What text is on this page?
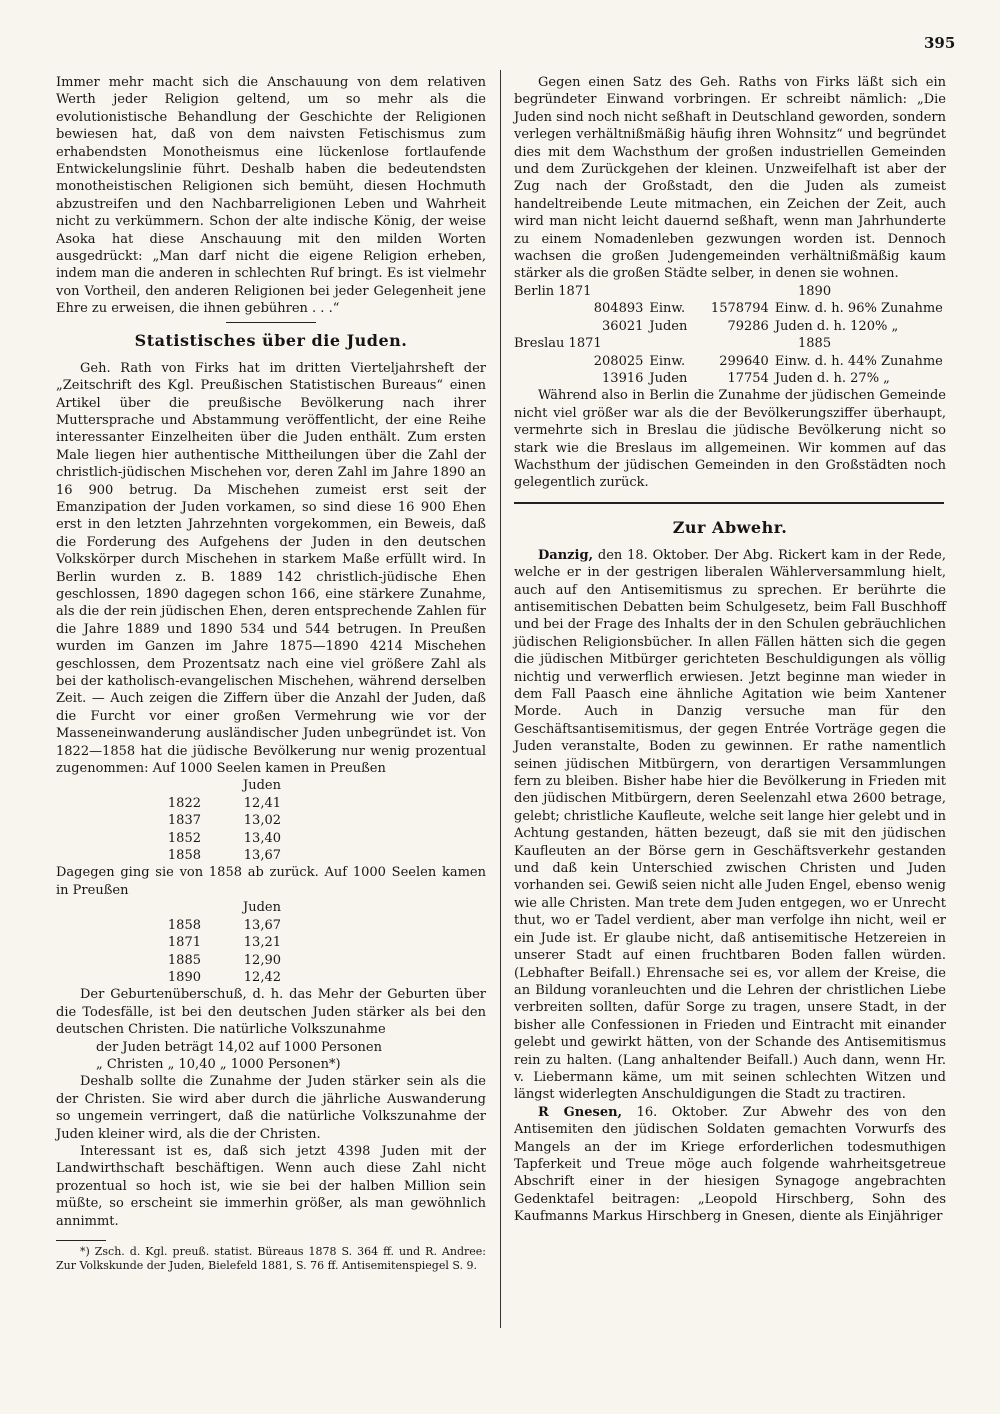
395

Immer mehr macht sich die Anschauung von dem relativen Werth jeder Religion geltend, um so mehr als die evolutionistische Behandlung der Geschichte der Religionen bewiesen hat, daß von dem naivsten Fetischismus zum erhabendsten Monotheismus eine lückenlose fortlaufende Entwickelungslinie führt. Deshalb haben die bedeutendsten monotheistischen Religionen sich bemüht, diesen Hochmuth abzustreifen und den Nachbarreligionen Leben und Wahrheit nicht zu verkümmern. Schon der alte indische König, der weise Asoka hat diese Anschauung mit den milden Worten ausgedrückt: „Man darf nicht die eigene Religion erheben, indem man die anderen in schlechten Ruf bringt. Es ist vielmehr von Vortheil, den anderen Religionen bei jeder Gelegenheit jene Ehre zu erweisen, die ihnen gebühren . . .“

Statistisches über die Juden.

Geh. Rath von Firks hat im dritten Vierteljahrsheft der „Zeitschrift des Kgl. Preußischen Statistischen Bureaus“ einen Artikel über die preußische Bevölkerung nach ihrer Muttersprache und Abstammung veröffentlicht, der eine Reihe interessanter Einzelheiten über die Juden enthält. Zum ersten Male liegen hier authentische Mittheilungen über die Zahl der christlich-jüdischen Mischehen vor, deren Zahl im Jahre 1890 an 16 900 betrug. Da Mischehen zumeist erst seit der Emanzipation der Juden vorkamen, so sind diese 16 900 Ehen erst in den letzten Jahrzehnten vorgekommen, ein Beweis, daß die Forderung des Aufgehens der Juden in den deutschen Volkskörper durch Mischehen in starkem Maße erfüllt wird. In Berlin wurden z. B. 1889 142 christlich-jüdische Ehen geschlossen, 1890 dagegen schon 166, eine stärkere Zunahme, als die der rein jüdischen Ehen, deren entsprechende Zahlen für die Jahre 1889 und 1890 534 und 544 betrugen. In Preußen wurden im Ganzen im Jahre 1875—1890 4214 Mischehen geschlossen, dem Prozentsatz nach eine viel größere Zahl als bei der katholisch-evangelischen Mischehen, während derselben Zeit. — Auch zeigen die Ziffern über die Anzahl der Juden, daß die Furcht vor einer großen Vermehrung wie vor der Masseneinwanderung ausländischer Juden unbegründet ist. Von 1822—1858 hat die jüdische Bevölkerung nur wenig prozentual zugenommen: Auf 1000 Seelen kamen in Preußen

Juden
1822	12,41
1837	13,02
1852	13,40
1858	13,67

Dagegen ging sie von 1858 ab zurück. Auf 1000 Seelen kamen in Preußen

Juden
1858	13,67
1871	13,21
1885	12,90
1890	12,42

Der Geburtenüberschuß, d. h. das Mehr der Geburten über die Todesfälle, ist bei den deutschen Juden stärker als bei den deutschen Christen. Die natürliche Volkszunahme

der Juden beträgt 14,02 auf 1000 Personen
„ Christen „ 10,40 „ 1000 Personen*)

Deshalb sollte die Zunahme der Juden stärker sein als die der Christen. Sie wird aber durch die jährliche Auswanderung so ungemein verringert, daß die natürliche Volkszunahme der Juden kleiner wird, als die der Christen.

Interessant ist es, daß sich jetzt 4398 Juden mit der Landwirthschaft beschäftigen. Wenn auch diese Zahl nicht prozentual so hoch ist, wie sie bei der halben Million sein müßte, so erscheint sie immerhin größer, als man gewöhnlich annimmt.

*) Zsch. d. Kgl. preuß. statist. Büreaus 1878 S. 364 ff. und R. Andree: Zur Volkskunde der Juden, Bielefeld 1881, S. 76 ff. Antisemitenspiegel S. 9.

Gegen einen Satz des Geh. Raths von Firks läßt sich ein begründeter Einwand vorbringen. Er schreibt nämlich: „Die Juden sind noch nicht seßhaft in Deutschland geworden, sondern verlegen verhältnißmäßig häufig ihren Wohnsitz“ und begründet dies mit dem Wachsthum der großen industriellen Gemeinden und dem Zurückgehen der kleinen. Unzweifelhaft ist aber der Zug nach der Großstadt, den die Juden als zumeist handeltreibende Leute mitmachen, ein Zeichen der Zeit, auch wird man nicht leicht dauernd seßhaft, wenn man Jahrhunderte zu einem Nomadenleben gezwungen worden ist. Dennoch wachsen die großen Judengemeinden verhältnißmäßig kaum stärker als die großen Städte selber, in denen sie wohnen.

Berlin 1871	1890
804893 Einw.	1578794 Einw. d. h. 96% Zunahme
36021 Juden	79286 Juden d. h. 120% „
Breslau 1871	1885
208025 Einw.	299640 Einw. d. h. 44% Zunahme
13916 Juden	17754 Juden d. h. 27% „

Während also in Berlin die Zunahme der jüdischen Gemeinde nicht viel größer war als die der Bevölkerungsziffer überhaupt, vermehrte sich in Breslau die jüdische Bevölkerung nicht so stark wie die Breslaus im allgemeinen. Wir kommen auf das Wachsthum der jüdischen Gemeinden in den Großstädten noch gelegentlich zurück.

Zur Abwehr.

Danzig, den 18. Oktober. Der Abg. Rickert kam in der Rede, welche er in der gestrigen liberalen Wählerversammlung hielt, auch auf den Antisemitismus zu sprechen. Er berührte die antisemitischen Debatten beim Schulgesetz, beim Fall Buschhoff und bei der Frage des Inhalts der in den Schulen gebräuchlichen jüdischen Religionsbücher. In allen Fällen hätten sich die gegen die jüdischen Mitbürger gerichteten Beschuldigungen als völlig nichtig und verwerflich erwiesen. Jetzt beginne man wieder in dem Fall Paasch eine ähnliche Agitation wie beim Xantener Morde. Auch in Danzig versuche man für den Geschäftsantisemitismus, der gegen Entrée Vorträge gegen die Juden veranstalte, Boden zu gewinnen. Er rathe namentlich seinen jüdischen Mitbürgern, von derartigen Versammlungen fern zu bleiben. Bisher habe hier die Bevölkerung in Frieden mit den jüdischen Mitbürgern, deren Seelenzahl etwa 2600 betrage, gelebt; christliche Kaufleute, welche seit lange hier gelebt und in Achtung gestanden, hätten bezeugt, daß sie mit den jüdischen Kaufleuten an der Börse gern in Geschäftsverkehr gestanden und daß kein Unterschied zwischen Christen und Juden vorhanden sei. Gewiß seien nicht alle Juden Engel, ebenso wenig wie alle Christen. Man trete dem Juden entgegen, wo er Unrecht thut, wo er Tadel verdient, aber man verfolge ihn nicht, weil er ein Jude ist. Er glaube nicht, daß antisemitische Hetzereien in unserer Stadt auf einen fruchtbaren Boden fallen würden. (Lebhafter Beifall.) Ehrensache sei es, vor allem der Kreise, die an Bildung voranleuchten und die Lehren der christlichen Liebe verbreiten sollten, dafür Sorge zu tragen, unsere Stadt, in der bisher alle Confessionen in Frieden und Eintracht mit einander gelebt und gewirkt hätten, von der Schande des Antisemitismus rein zu halten. (Lang anhaltender Beifall.) Auch dann, wenn Hr. v. Liebermann käme, um mit seinen schlechten Witzen und längst widerlegten Anschuldigungen die Stadt zu tractiren.

R Gnesen, 16. Oktober. Zur Abwehr des von den Antisemiten den jüdischen Soldaten gemachten Vorwurfs des Mangels an der im Kriege erforderlichen todesmuthigen Tapferkeit und Treue möge auch folgende wahrheitsgetreue Abschrift einer in der hiesigen Synagoge angebrachten Gedenktafel beitragen: „Leopold Hirschberg, Sohn des Kaufmanns Markus Hirschberg in Gnesen, diente als Einjähriger
